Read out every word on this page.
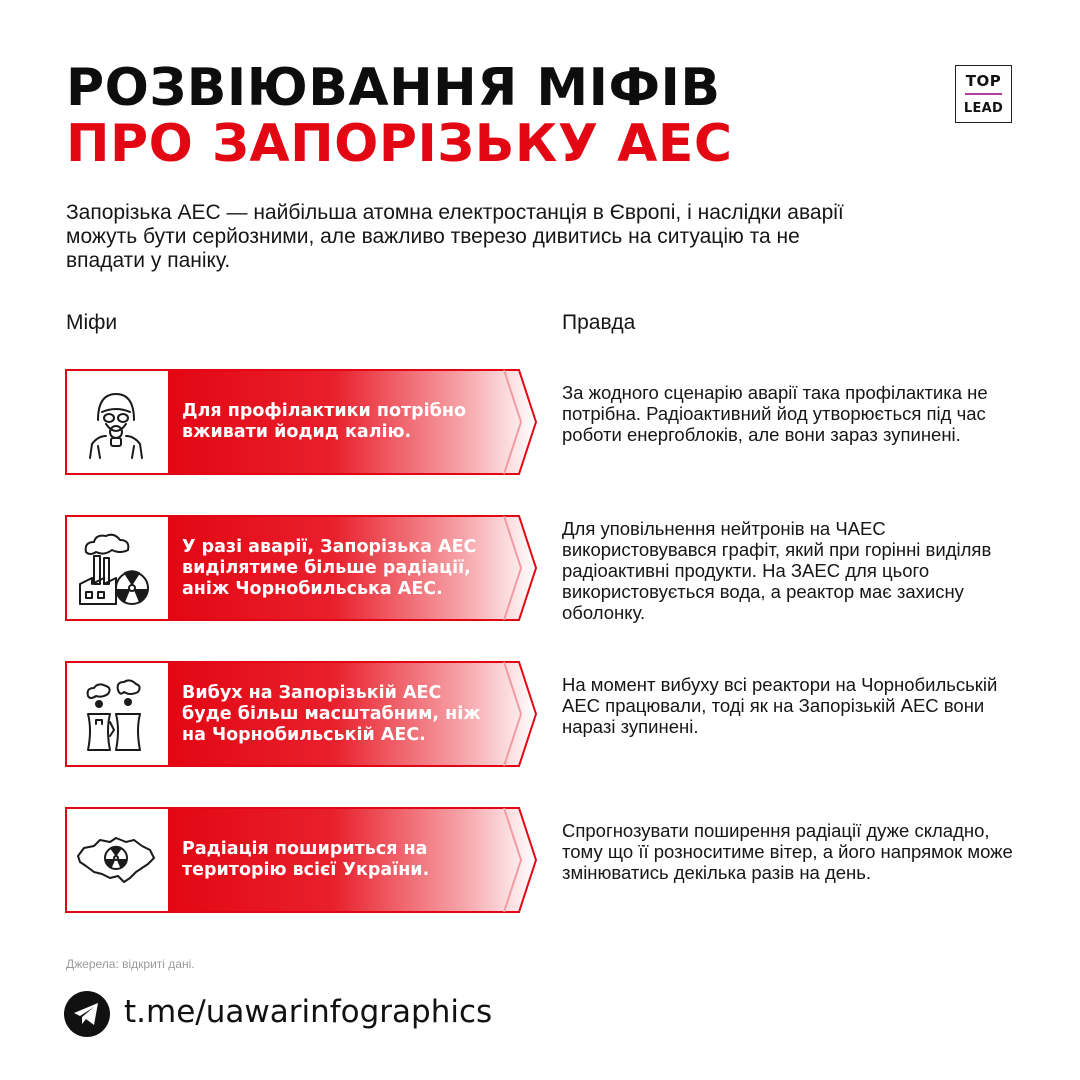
РОЗВІЮВАННЯ МІФІВ
ПРО ЗАПОРІЗЬКУ АЕС
TOP
LEAD
Запорізька АЕС — найбільша атомна електростанція в Європі, і наслідки аварії можуть бути серйозними, але важливо тверезо дивитись на ситуацію та не впадати у паніку.
Міфи	Правда
Для профілактики потрібно вживати йодид калію.
За жодного сценарію аварії така профілактика не потрібна. Радіоактивний йод утворюється під час роботи енергоблоків, але вони зараз зупинені.
У разі аварії, Запорізька АЕС виділятиме більше радіації, аніж Чорнобильська АЕС.
Для уповільнення нейтронів на ЧАЕС використовувався графіт, який при горінні виділяв радіоактивні продукти. На ЗАЕС для цього використовується вода, а реактор має захисну оболонку.
Вибух на Запорізькій АЕС буде більш масштабним, ніж на Чорнобильській АЕС.
На момент вибуху всі реактори на Чорнобильській АЕС працювали, тоді як на Запорізькій АЕС вони наразі зупинені.
Радіація пошириться на територію всієї України.
Спрогнозувати поширення радіації дуже складно, тому що її розноситиме вітер, а його напрямок може змінюватись декілька разів на день.
Джерела: відкриті дані.
t.me/uawarinfographics
